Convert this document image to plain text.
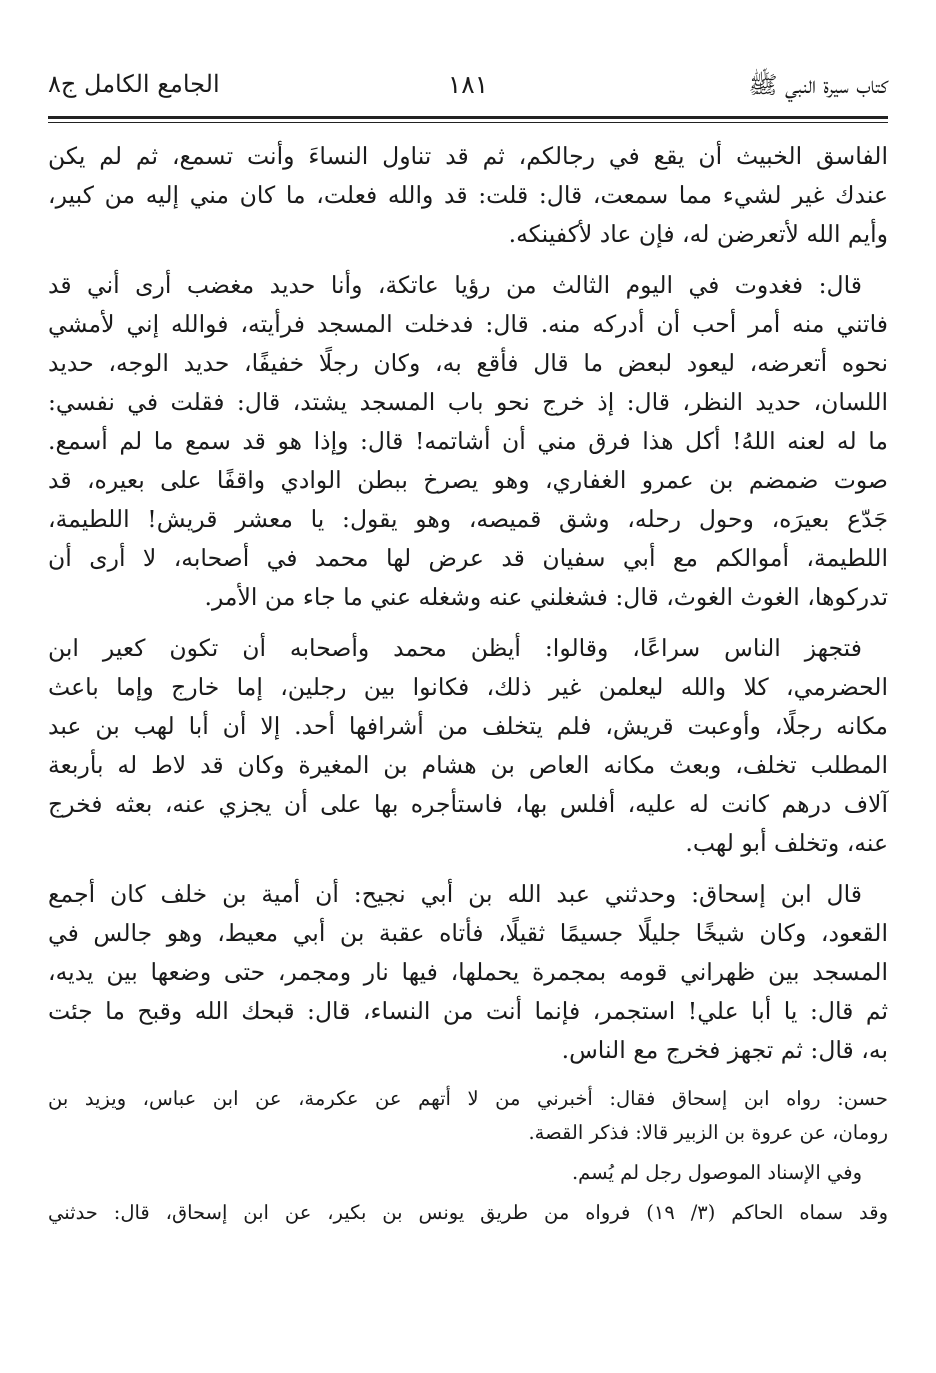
كتاب سيرة النبي ﷺ
١٨١
الجامع الكامل ج٨

الفاسق الخبيث أن يقع في رجالكم، ثم قد تناول النساءَ وأنت تسمع، ثم لم يكن
عندك غير لشيء مما سمعت، قال: قلت: قد والله فعلت، ما كان مني إليه من كبير،
وأيم الله لأتعرضن له، فإن عاد لأكفينكه.

قال: فغدوت في اليوم الثالث من رؤيا عاتكة، وأنا حديد مغضب أرى أني قد
فاتني منه أمر أحب أن أدركه منه. قال: فدخلت المسجد فرأيته، فوالله إني لأمشي
نحوه أتعرضه، ليعود لبعض ما قال فأقع به، وكان رجلًا خفيفًا، حديد الوجه، حديد
اللسان، حديد النظر، قال: إذ خرج نحو باب المسجد يشتد، قال: فقلت في نفسي:
ما له لعنه اللهُ! أكل هذا فرق مني أن أشاتمه! قال: وإذا هو قد سمع ما لم أسمع.
صوت ضمضم بن عمرو الغفاري، وهو يصرخ ببطن الوادي واقفًا على بعيره، قد
جَدّع بعيرَه، وحول رحله، وشق قميصه، وهو يقول: يا معشر قريش! اللطيمة،
اللطيمة، أموالكم مع أبي سفيان قد عرض لها محمد في أصحابه، لا أرى أن
تدركوها، الغوث الغوث، قال: فشغلني عنه وشغله عني ما جاء من الأمر.

فتجهز الناس سراعًا، وقالوا: أيظن محمد وأصحابه أن تكون كعير ابن
الحضرمي، كلا والله ليعلمن غير ذلك، فكانوا بين رجلين، إما خارج وإما باعث
مكانه رجلًا، وأوعبت قريش، فلم يتخلف من أشرافها أحد. إلا أن أبا لهب بن عبد
المطلب تخلف، وبعث مكانه العاص بن هشام بن المغيرة وكان قد لاط له بأربعة
آلاف درهم كانت له عليه، أفلس بها، فاستأجره بها على أن يجزي عنه، بعثه فخرج
عنه، وتخلف أبو لهب.

قال ابن إسحاق: وحدثني عبد الله بن أبي نجيح: أن أمية بن خلف كان أجمع
القعود، وكان شيخًا جليلًا جسيمًا ثقيلًا، فأتاه عقبة بن أبي معيط، وهو جالس في
المسجد بين ظهراني قومه بمجمرة يحملها، فيها نار ومجمر، حتى وضعها بين يديه،
ثم قال: يا أبا علي! استجمر، فإنما أنت من النساء، قال: قبحك الله وقبح ما جئت
به، قال: ثم تجهز فخرج مع الناس.

حسن: رواه ابن إسحاق فقال: أخبرني من لا أتهم عن عكرمة، عن ابن عباس، ويزيد بن
رومان، عن عروة بن الزبير قالا: فذكر القصة.

وفي الإسناد الموصول رجل لم يُسم.

وقد سماه الحاكم (٣/ ١٩) فرواه من طريق يونس بن بكير، عن ابن إسحاق، قال: حدثني
